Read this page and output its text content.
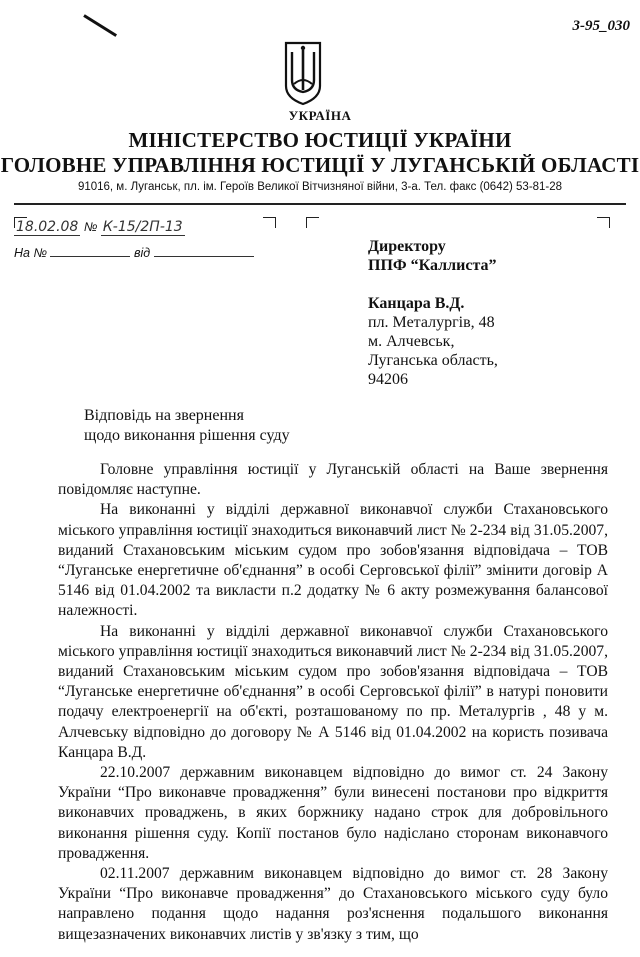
3-95_030
УКРАЇНА
МІНІСТЕРСТВО ЮСТИЦІЇ УКРАЇНИ
ГОЛОВНЕ УПРАВЛІННЯ ЮСТИЦІЇ У ЛУГАНСЬКІЙ ОБЛАСТІ
91016, м. Луганськ, пл. ім. Героїв Великої Вітчизняної війни, 3-а. Тел. факс (0642) 53-81-28
18.02.08 № К-15/2П-13
На №	від	Директору
ППФ “Каллиста”
Канцара В.Д.
пл. Металургів, 48
м. Алчевськ,
Луганська область,
94206
Відповідь на звернення
щодо виконання рішення суду

Головне управління юстиції у Луганській області на Ваше звернення повідомляє наступне.

На виконанні у відділі державної виконавчої служби Стахановського міського управління юстиції знаходиться виконавчий лист № 2-234 від 31.05.2007, виданий Стахановським міським судом про зобов'язання відповідача – ТОВ “Луганське енергетичне об'єднання” в особі Серговської філії” змінити договір А 5146 від 01.04.2002 та викласти п.2 додатку № 6 акту розмежування балансової належності.

На виконанні у відділі державної виконавчої служби Стахановського міського управління юстиції знаходиться виконавчий лист № 2-234 від 31.05.2007, виданий Стахановським міським судом про зобов'язання відповідача – ТОВ “Луганське енергетичне об'єднання” в особі Серговської філії” в натурі поновити подачу електроенергії на об'єкті, розташованому по пр. Металургів , 48 у м. Алчевську відповідно до договору № А 5146 від 01.04.2002 на користь позивача Канцара В.Д.

22.10.2007 державним виконавцем відповідно до вимог ст. 24 Закону України “Про виконавче провадження” були винесені постанови про відкриття виконавчих проваджень, в яких боржнику надано строк для добровільного виконання рішення суду. Копії постанов було надіслано сторонам виконавчого провадження.

02.11.2007 державним виконавцем відповідно до вимог ст. 28 Закону України “Про виконавче провадження” до Стахановського міського суду було направлено подання щодо надання роз'яснення подальшого виконання вищезазначених виконавчих листів у зв'язку з тим, що
